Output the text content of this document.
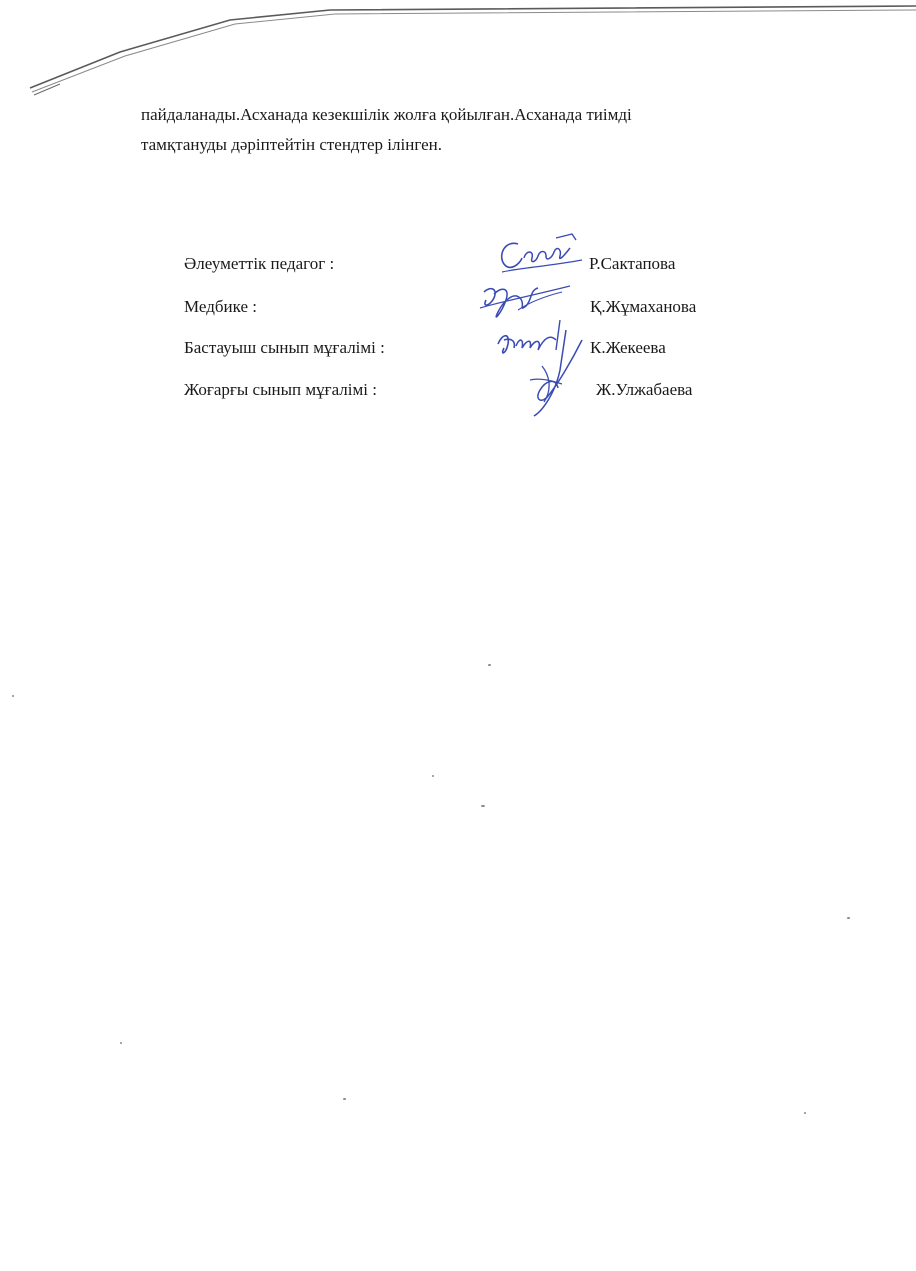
пайдаланады.Асханада кезекшілік жолға қойылған.Асханада тиімді

тамқтануды дәріптейтін стендтер ілінген.

Әлеуметтік педагог :	Р.Сактапова
Медбике :	Қ.Жұмаханова
Бастауыш сынып мұғалімі :	К.Жекеева
Жоғарғы сынып мұғалімі :	Ж.Улжабаева
